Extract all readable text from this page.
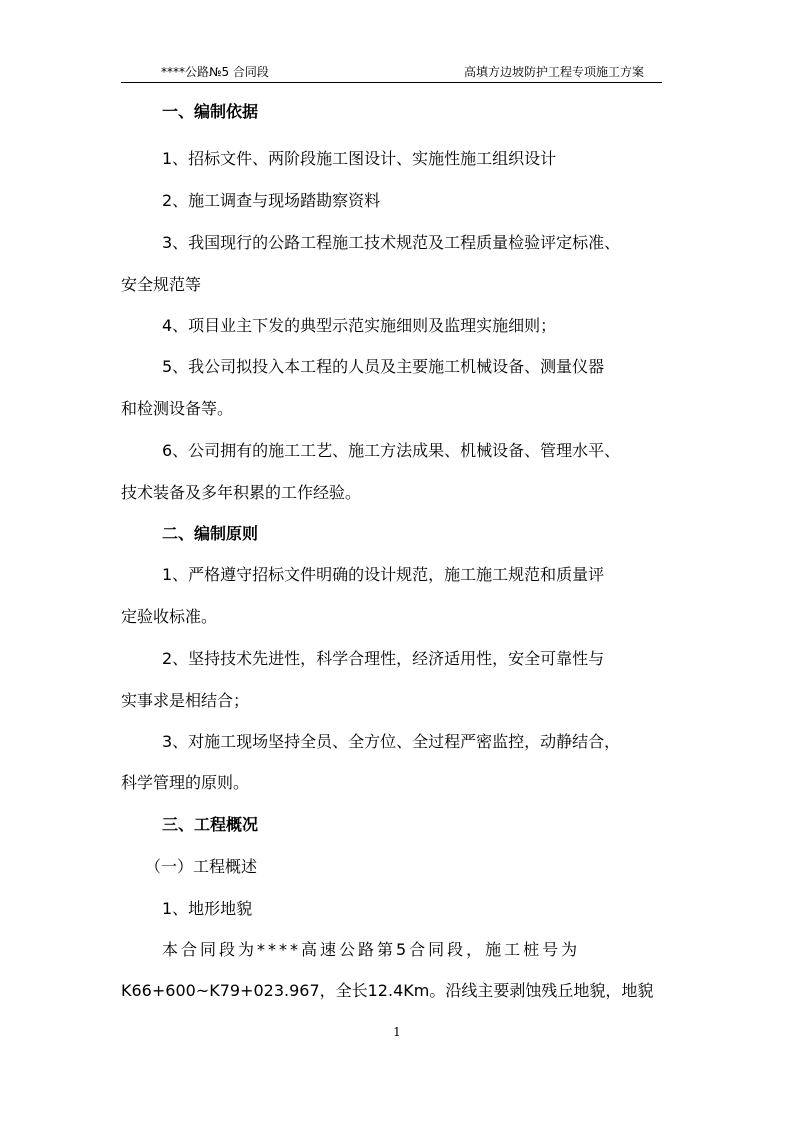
****公路№5 合同段	高填方边坡防护工程专项施工方案
一、编制依据
1、招标文件、两阶段施工图设计、实施性施工组织设计
2、施工调查与现场踏勘察资料
3、我国现行的公路工程施工技术规范及工程质量检验评定标准、
安全规范等
4、项目业主下发的典型示范实施细则及监理实施细则；
5、我公司拟投入本工程的人员及主要施工机械设备、测量仪器
和检测设备等。
6、公司拥有的施工工艺、施工方法成果、机械设备、管理水平、
技术装备及多年积累的工作经验。
二、编制原则
1、严格遵守招标文件明确的设计规范，施工施工规范和质量评
定验收标准。
2、坚持技术先进性，科学合理性，经济适用性，安全可靠性与
实事求是相结合；
3、对施工现场坚持全员、全方位、全过程严密监控，动静结合，
科学管理的原则。
三、工程概况
（一）工程概述
1、地形地貌
本合同段为****高速公路第5合同段，施工桩号为
K66+600~K79+023.967，全长12.4Km。沿线主要剥蚀残丘地貌，地貌
1
